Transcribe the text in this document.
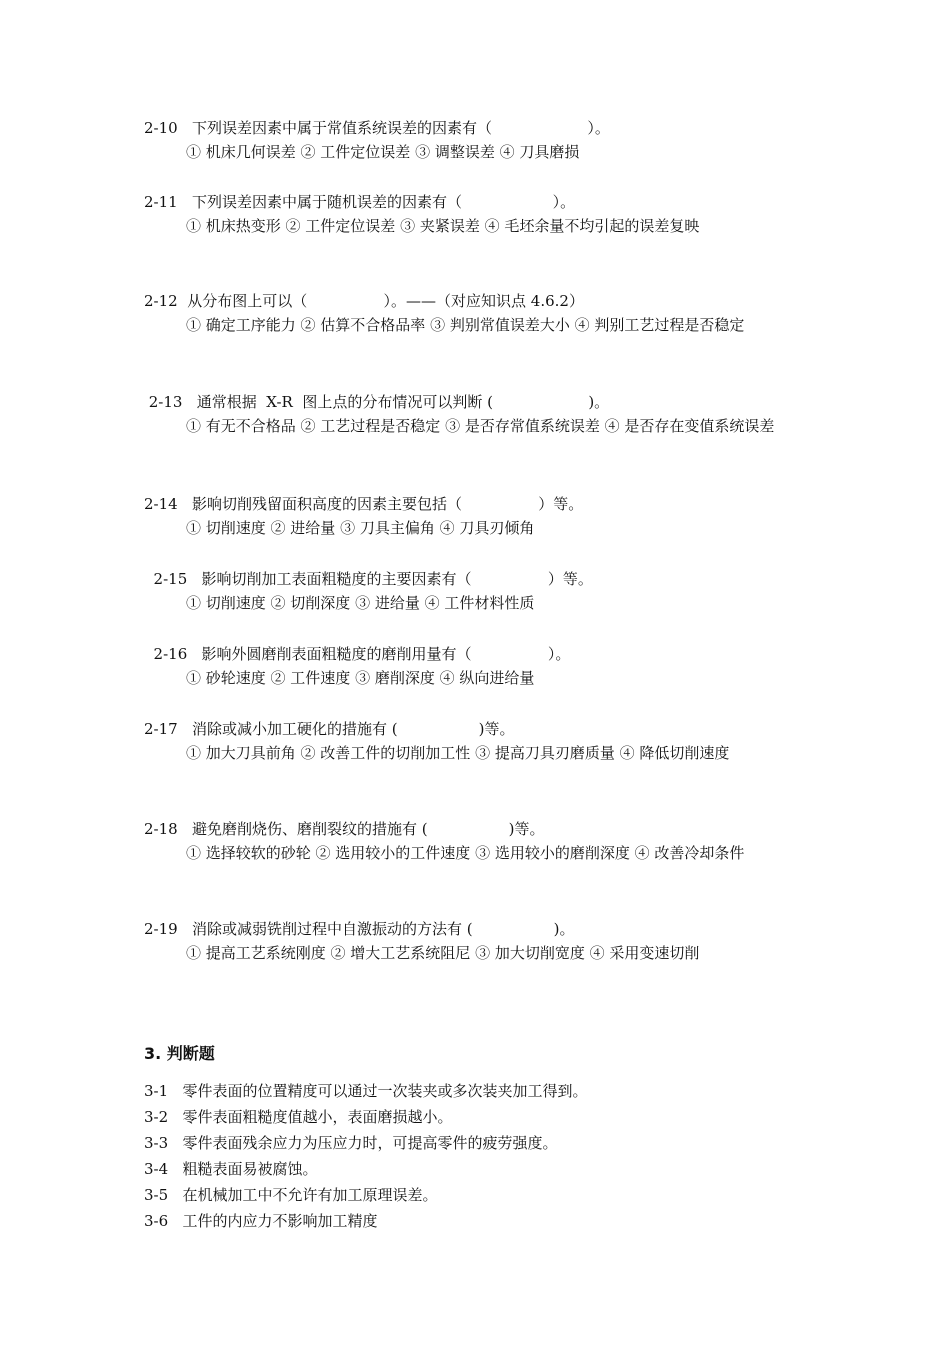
2-10   下列误差因素中属于常值系统误差的因素有（                    ）。
① 机床几何误差 ② 工件定位误差 ③ 调整误差 ④ 刀具磨损
2-11   下列误差因素中属于随机误差的因素有（                   ）。
① 机床热变形 ② 工件定位误差 ③ 夹紧误差 ④ 毛坯余量不均引起的误差复映
2-12  从分布图上可以（                ）。——（对应知识点 4.6.2）
① 确定工序能力 ② 估算不合格品率 ③ 判别常值误差大小 ④ 判别工艺过程是否稳定
2-13   通常根据  X-R  图上点的分布情况可以判断 (                    )。
① 有无不合格品 ② 工艺过程是否稳定 ③ 是否存常值系统误差 ④ 是否存在变值系统误差
2-14   影响切削残留面积高度的因素主要包括（                ）等。
① 切削速度 ② 进给量 ③ 刀具主偏角 ④ 刀具刃倾角
2-15   影响切削加工表面粗糙度的主要因素有（                ）等。
① 切削速度 ② 切削深度 ③ 进给量 ④ 工件材料性质
2-16   影响外圆磨削表面粗糙度的磨削用量有（                ）。
① 砂轮速度 ② 工件速度 ③ 磨削深度 ④ 纵向进给量
2-17   消除或减小加工硬化的措施有 (                 )等。
① 加大刀具前角 ② 改善工件的切削加工性 ③ 提高刀具刃磨质量 ④ 降低切削速度
2-18   避免磨削烧伤、磨削裂纹的措施有 (                 )等。
① 选择较软的砂轮 ② 选用较小的工件速度 ③ 选用较小的磨削深度 ④ 改善冷却条件
2-19   消除或减弱铣削过程中自激振动的方法有 (                 )。
① 提高工艺系统刚度 ② 增大工艺系统阻尼 ③ 加大切削宽度 ④ 采用变速切削
3. 判断题
3-1   零件表面的位置精度可以通过一次装夹或多次装夹加工得到。
3-2   零件表面粗糙度值越小，表面磨损越小。
3-3   零件表面残余应力为压应力时，可提高零件的疲劳强度。
3-4   粗糙表面易被腐蚀。
3-5   在机械加工中不允许有加工原理误差。
3-6   工件的内应力不影响加工精度
